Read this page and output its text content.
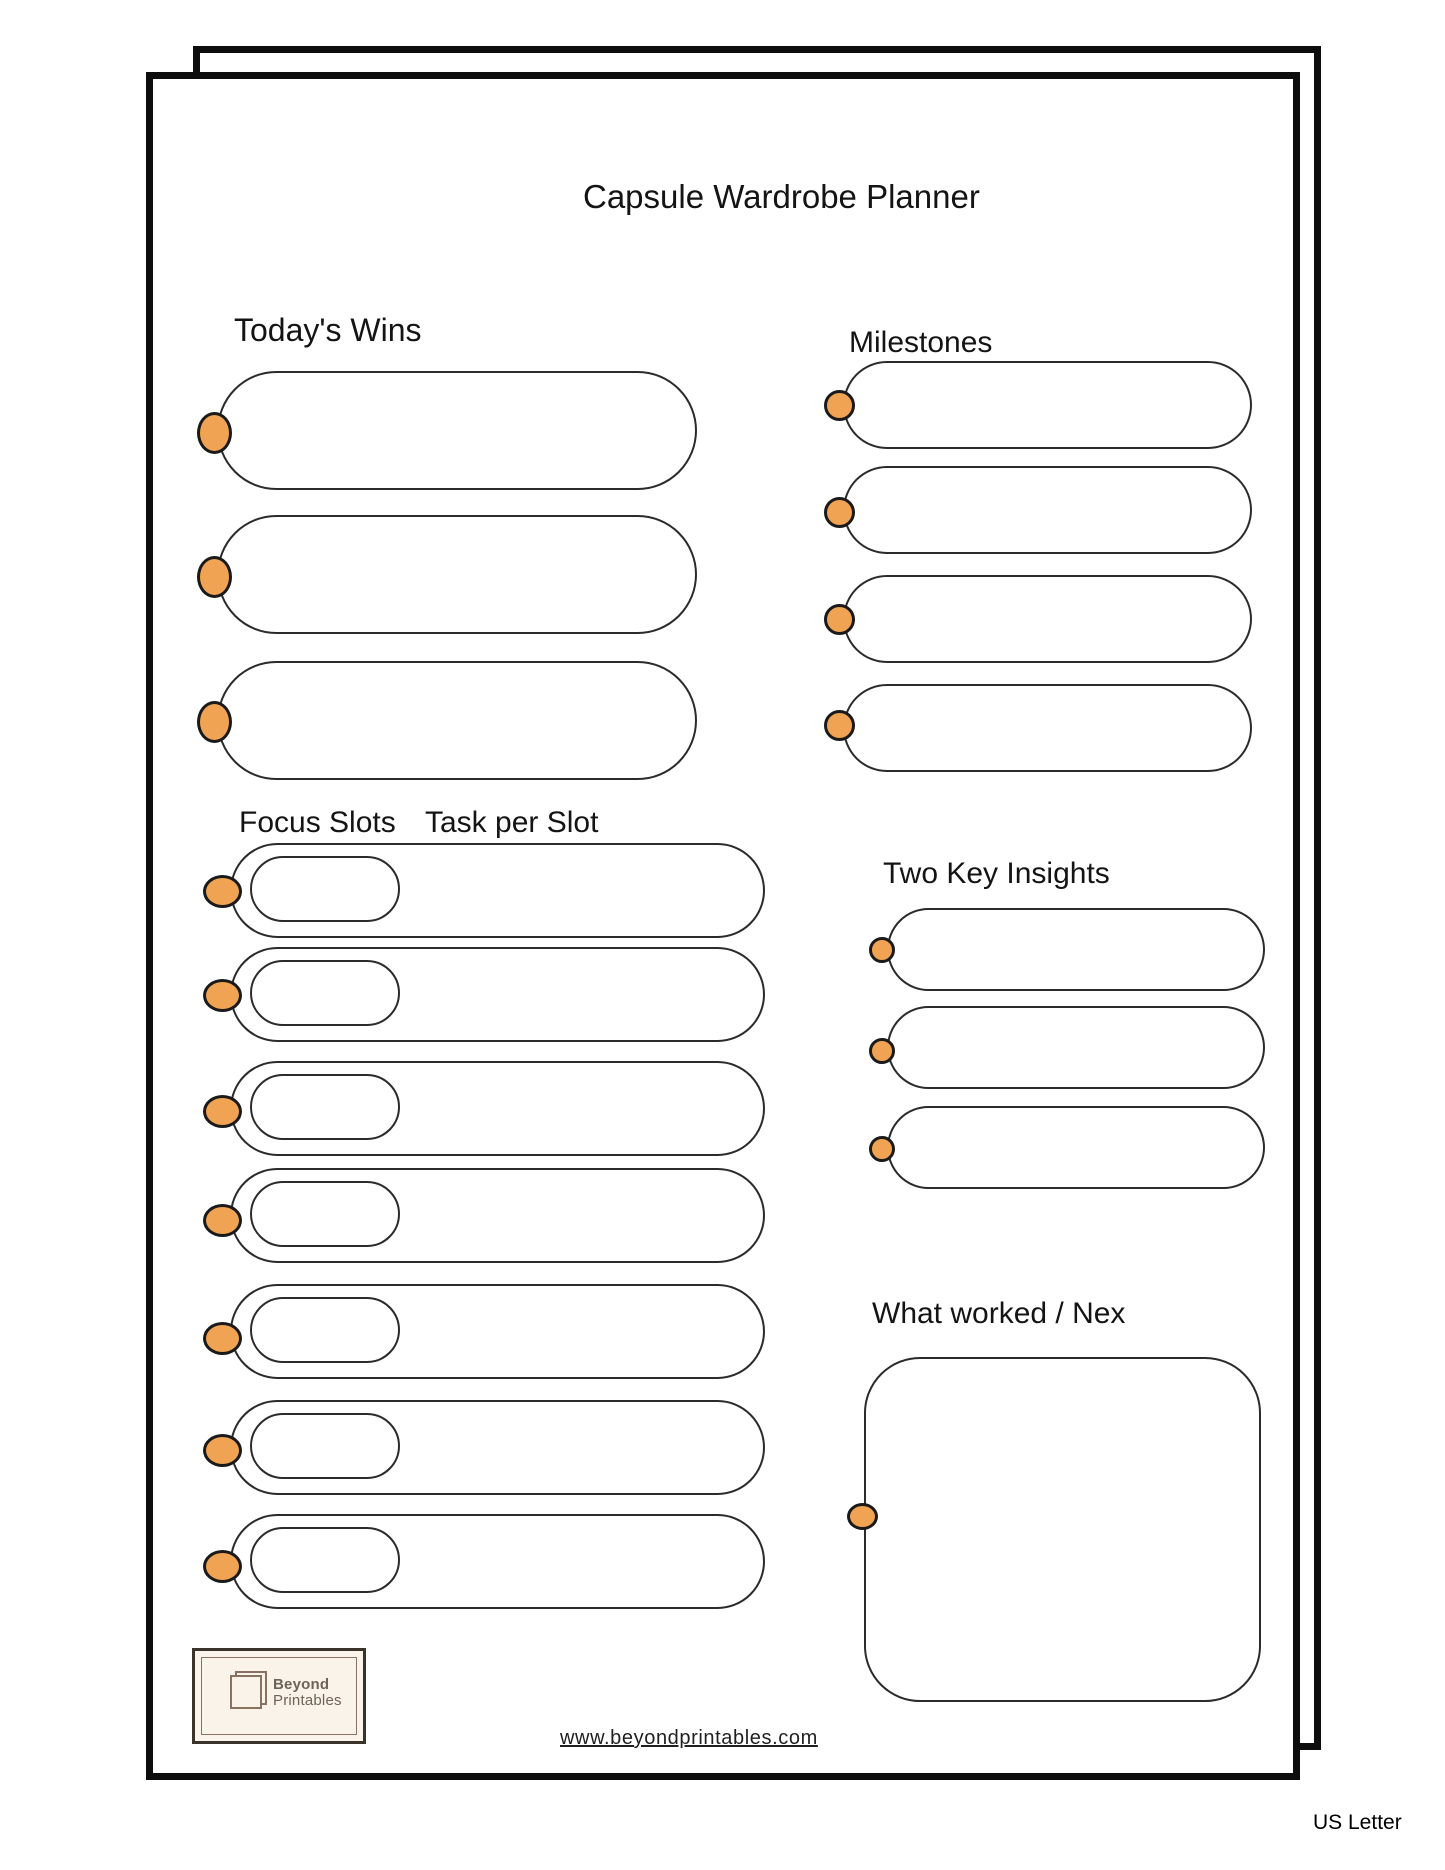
Capsule Wardrobe Planner
Today's Wins	Milestones
Focus Slots Task per Slot
Two Key Insights
What worked / Nex
Beyond
Printables
www.beyondprintables.com
US Letter
